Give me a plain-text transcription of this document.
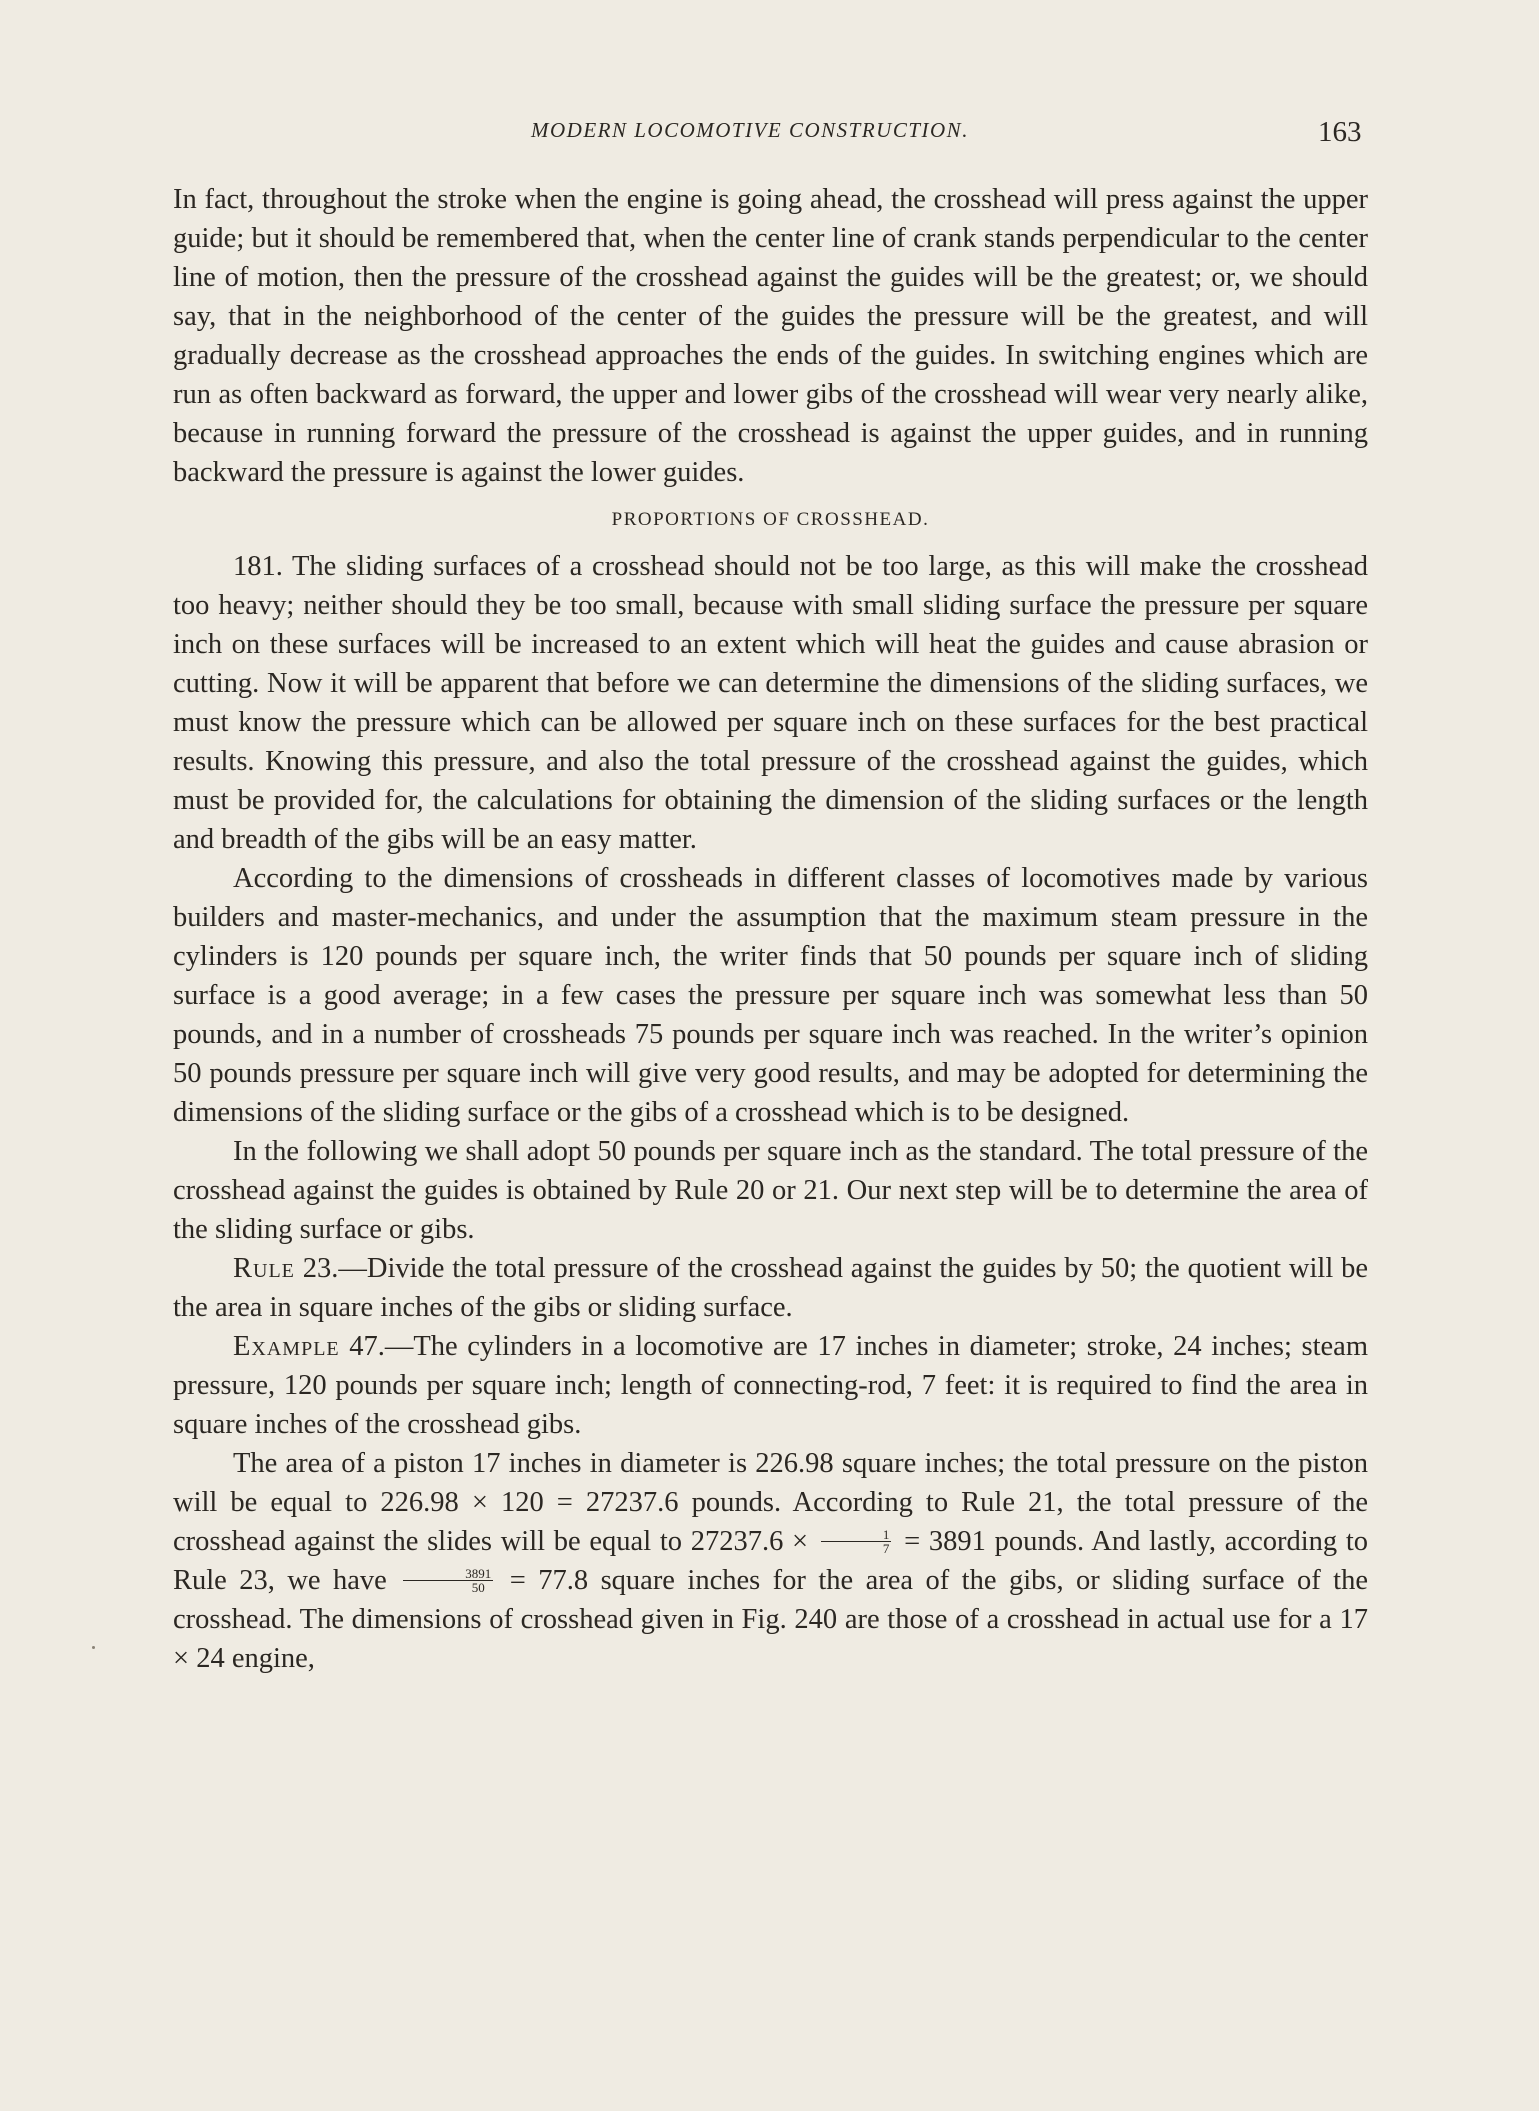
MODERN LOCOMOTIVE CONSTRUCTION.	163

In fact, throughout the stroke when the engine is going ahead, the crosshead will press against the upper guide; but it should be remembered that, when the center line of crank stands perpendicular to the center line of motion, then the pressure of the crosshead against the guides will be the greatest; or, we should say, that in the neighborhood of the center of the guides the pressure will be the greatest, and will gradually decrease as the crosshead approaches the ends of the guides. In switching engines which are run as often backward as forward, the upper and lower gibs of the crosshead will wear very nearly alike, because in running forward the pressure of the crosshead is against the upper guides, and in running backward the pressure is against the lower guides.

PROPORTIONS OF CROSSHEAD.

181. The sliding surfaces of a crosshead should not be too large, as this will make the crosshead too heavy; neither should they be too small, because with small sliding surface the pressure per square inch on these surfaces will be increased to an extent which will heat the guides and cause abrasion or cutting. Now it will be apparent that before we can determine the dimensions of the sliding surfaces, we must know the pressure which can be allowed per square inch on these surfaces for the best practical results. Knowing this pressure, and also the total pressure of the crosshead against the guides, which must be provided for, the calculations for obtaining the dimension of the sliding surfaces or the length and breadth of the gibs will be an easy matter.

According to the dimensions of crossheads in different classes of locomotives made by various builders and master-mechanics, and under the assumption that the maximum steam pressure in the cylinders is 120 pounds per square inch, the writer finds that 50 pounds per square inch of sliding surface is a good average; in a few cases the pressure per square inch was somewhat less than 50 pounds, and in a number of crossheads 75 pounds per square inch was reached. In the writer’s opinion 50 pounds pressure per square inch will give very good results, and may be adopted for determining the dimensions of the sliding surface or the gibs of a crosshead which is to be designed.

In the following we shall adopt 50 pounds per square inch as the standard. The total pressure of the crosshead against the guides is obtained by Rule 20 or 21. Our next step will be to determine the area of the sliding surface or gibs.

Rule 23.—Divide the total pressure of the crosshead against the guides by 50; the quotient will be the area in square inches of the gibs or sliding surface.

Example 47.—The cylinders in a locomotive are 17 inches in diameter; stroke, 24 inches; steam pressure, 120 pounds per square inch; length of connecting-rod, 7 feet: it is required to find the area in square inches of the crosshead gibs.

The area of a piston 17 inches in diameter is 226.98 square inches; the total pressure on the piston will be equal to 226.98 × 120 = 27237.6 pounds. According to Rule 21, the total pressure of the crosshead against the slides will be equal to $27237.6 \times \frac{1}{7} = 3891$ pounds. And lastly, according to Rule 23, we have $\frac{3891}{50} = 77.8$ square inches for the area of the gibs, or sliding surface of the crosshead. The dimensions of crosshead given in Fig. 240 are those of a crosshead in actual use for a 17 × 24 engine,
